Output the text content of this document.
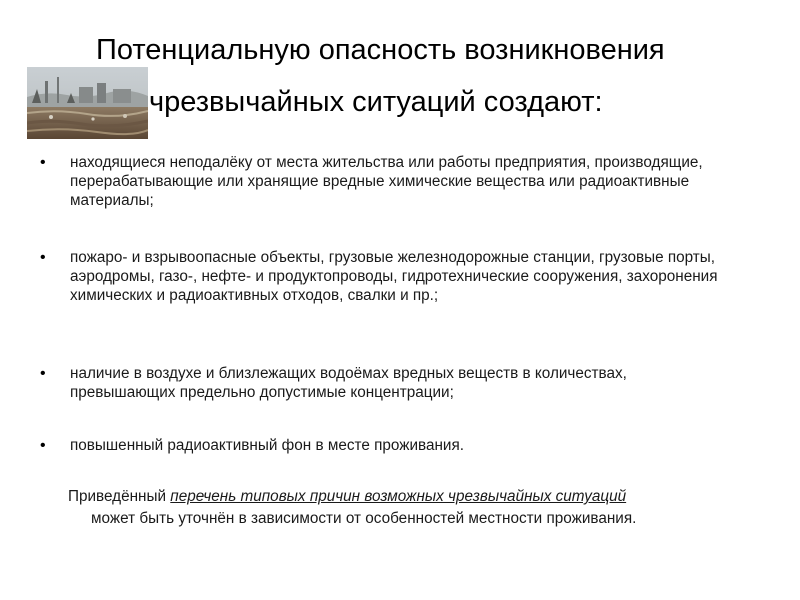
Потенциальную опасность возникновения
чрезвычайных ситуаций создают:
• находящиеся неподалёку от места жительства или работы предприятия, производящие, перерабатывающие или хранящие вредные химические вещества или радиоактивные материалы;
• пожаро- и взрывоопасные объекты, грузовые железнодорожные станции, грузовые порты, аэродромы, газо-, нефте- и продуктопроводы, гидротехнические сооружения, захоронения химических и радиоактивных отходов, свалки и пр.;
• наличие в воздухе и близлежащих водоёмах вредных веществ в количествах, превышающих предельно допустимые концентрации;
• повышенный радиоактивный фон в месте проживания.
Приведённый перечень типовых причин возможных чрезвычайных ситуаций
может быть уточнён в зависимости от особенностей местности проживания.
